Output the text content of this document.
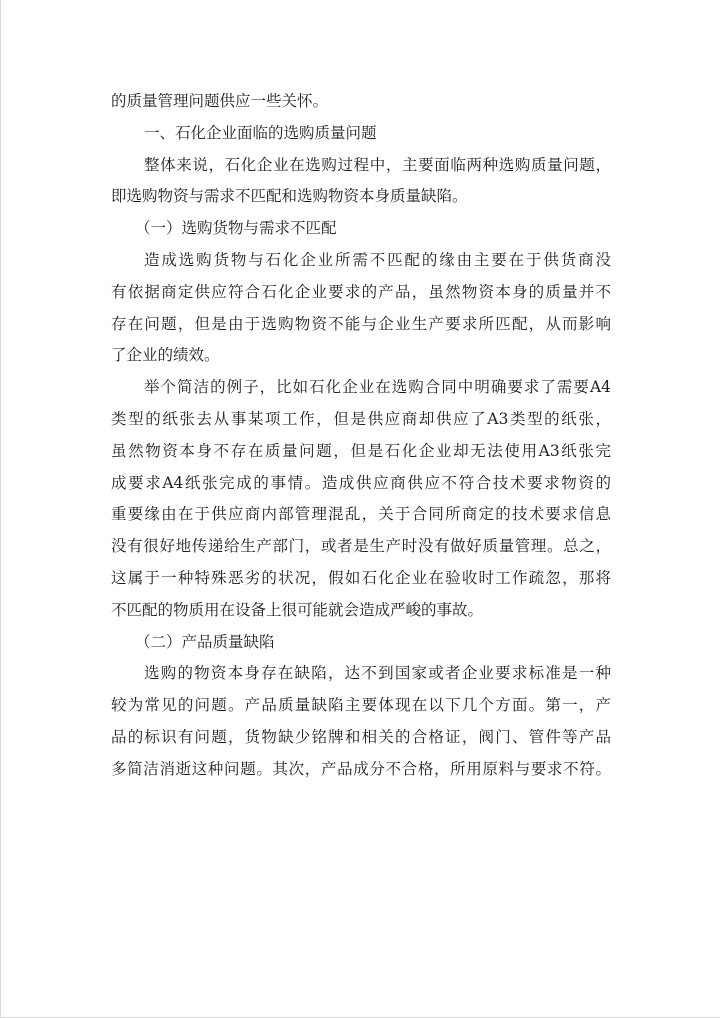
的质量管理问题供应一些关怀。
一、石化企业面临的选购质量问题
整体来说，石化企业在选购过程中，主要面临两种选购质量问题，
即选购物资与需求不匹配和选购物资本身质量缺陷。
（一）选购货物与需求不匹配
造成选购货物与石化企业所需不匹配的缘由主要在于供货商没
有依据商定供应符合石化企业要求的产品，虽然物资本身的质量并不
存在问题，但是由于选购物资不能与企业生产要求所匹配，从而影响
了企业的绩效。
举个简洁的例子，比如石化企业在选购合同中明确要求了需要A4
类型的纸张去从事某项工作，但是供应商却供应了A3类型的纸张，
虽然物资本身不存在质量问题，但是石化企业却无法使用A3纸张完
成要求A4纸张完成的事情。造成供应商供应不符合技术要求物资的
重要缘由在于供应商内部管理混乱，关于合同所商定的技术要求信息
没有很好地传递给生产部门，或者是生产时没有做好质量管理。总之，
这属于一种特殊恶劣的状况，假如石化企业在验收时工作疏忽，那将
不匹配的物质用在设备上很可能就会造成严峻的事故。
（二）产品质量缺陷
选购的物资本身存在缺陷，达不到国家或者企业要求标准是一种
较为常见的问题。产品质量缺陷主要体现在以下几个方面。第一，产
品的标识有问题，货物缺少铭牌和相关的合格证，阀门、管件等产品
多简洁消逝这种问题。其次，产品成分不合格，所用原料与要求不符。
